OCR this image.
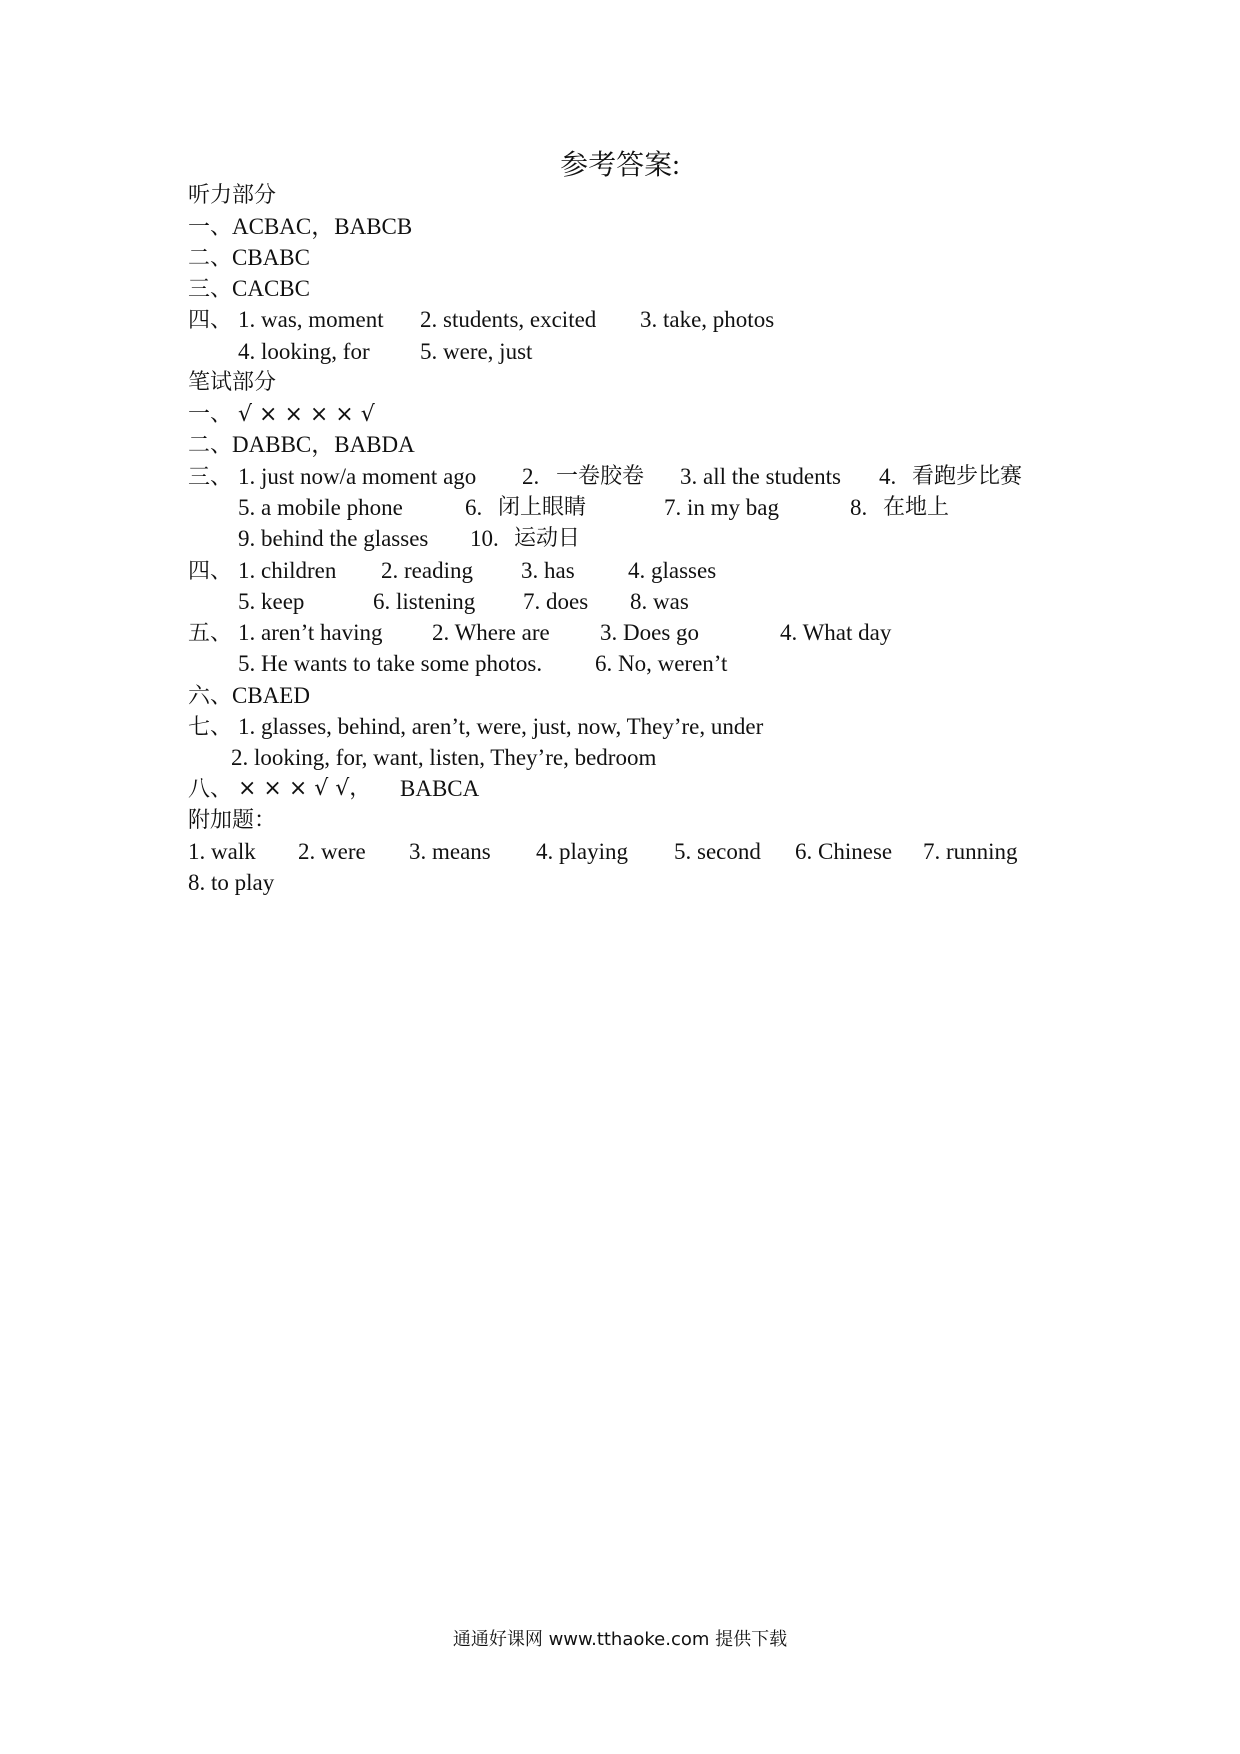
参考答案:
听力部分
一、ACBAC，BABCB
二、CBABC
三、CACBC
四、 1. was, moment 2. students, excited 3. take, photos
4. looking, for 5. were, just
笔试部分
一、 √ × × × × √
二、DABBC，BABDA
三、 1. just now/a moment ago 2. 一卷胶卷 3. all the students 4. 看跑步比赛
5. a mobile phone	6. 闭上眼睛	7. in my bag	8. 在地上
9. behind the glasses 10. 运动日
四、 1. children 2. reading 3. has 4. glasses
5. keep	6. listening 7. does 8. was
五、 1. aren’t having 2. Where are 3. Does go	4. What day
5. He wants to take some photos. 6. No, weren’t
六、CBAED
七、 1. glasses, behind, aren’t, were, just, now, They’re, under
2. looking, for, want, listen, They’re, bedroom
八、 × × × √ √， BABCA
附加题：
1. walk 2. were 3. means 4. playing 5. second 6. Chinese 7. running
8. to play
通通好课网 www.tthaoke.com 提供下载
